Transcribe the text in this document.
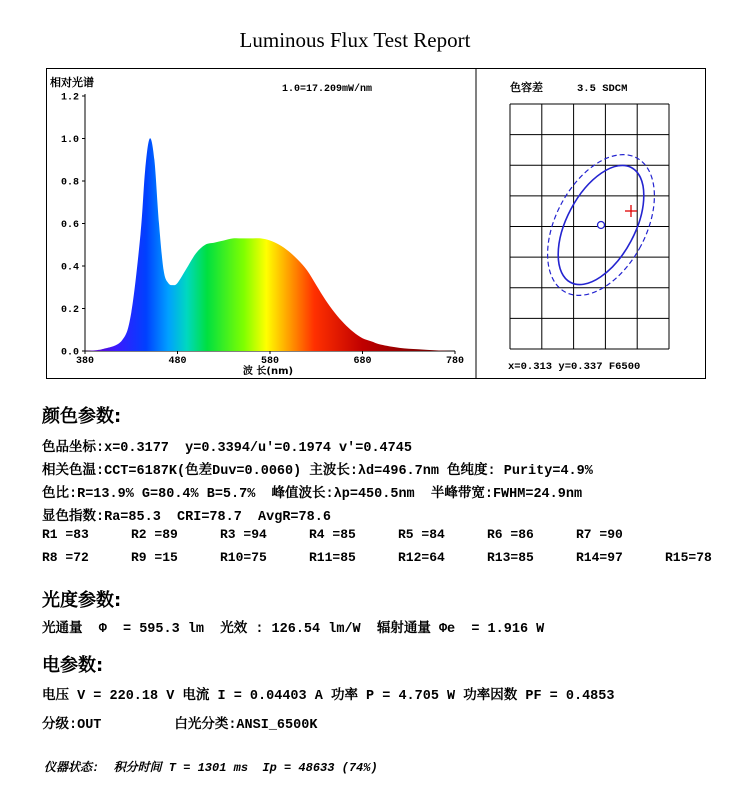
Luminous Flux Test Report
0.0
0.2
0.4
0.6
0.8
1.0
1.2
380	480	580	680	780
相对光谱
1.0=17.209mW/nm
波 长(nm)
色容差	3.5 SDCM
x=0.313 y=0.337 F6500
颜色参数:
色品坐标:x=0.3177  y=0.3394/u'=0.1974 v'=0.4745
相关色温:CCT=6187K(色差Duv=0.0060) 主波长:λd=496.7nm 色纯度: Purity=4.9%
色比:R=13.9% G=80.4% B=5.7%  峰值波长:λp=450.5nm  半峰带宽:FWHM=24.9nm
显色指数:Ra=85.3  CRI=78.7  AvgR=78.6
R1 =83	R2 =89	R3 =94	R4 =85	R5 =84	R6 =86	R7 =90
R8 =72	R9 =15	R10=75	R11=85	R12=64	R13=85	R14=97	R15=78
光度参数:
光通量  Φ  = 595.3 lm  光效 : 126.54 lm/W  辐射通量 Φe  = 1.916 W
电参数:
电压 V = 220.18 V 电流 I = 0.04403 A 功率 P = 4.705 W 功率因数 PF = 0.4853
分级:OUT         白光分类:ANSI_6500K
仪器状态:  积分时间 T = 1301 ms  Ip = 48633 (74%)
